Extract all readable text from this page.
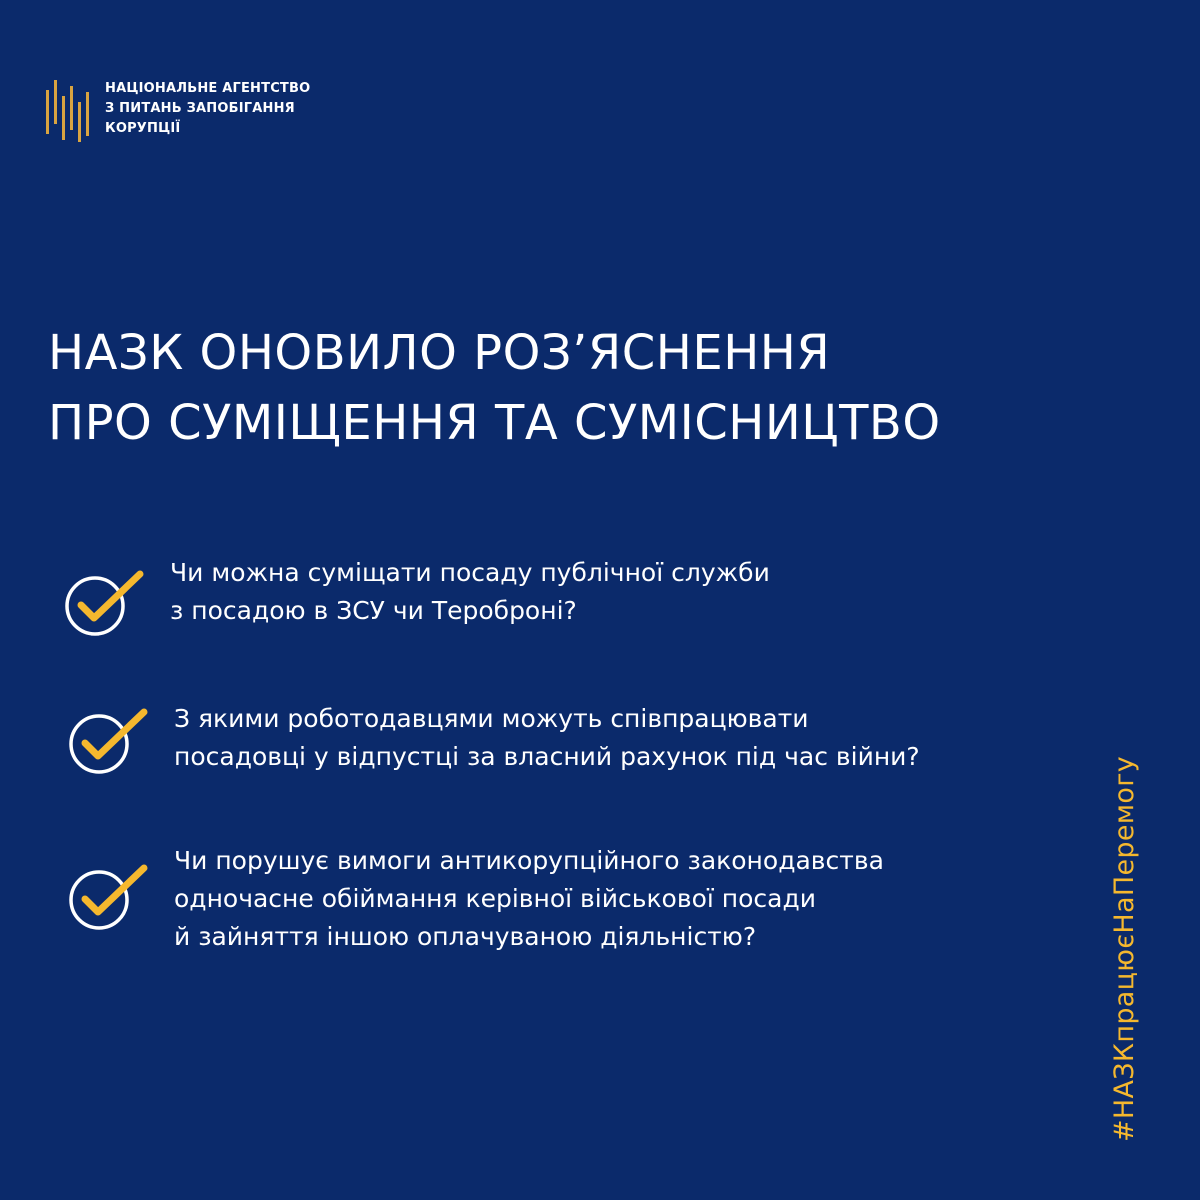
НАЦІОНАЛЬНЕ АГЕНТСТВО
З ПИТАНЬ ЗАПОБІГАННЯ
КОРУПЦІЇ
НАЗК ОНОВИЛО РОЗ’ЯСНЕННЯ
ПРО СУМІЩЕННЯ ТА СУМІСНИЦТВО
Чи можна суміщати посаду публічної служби
з посадою в ЗСУ чи Тероброні?
З якими роботодавцями можуть співпрацювати
посадовці у відпустці за власний рахунок під час війни?
Чи порушує вимоги антикорупційного законодавства
одночасне обіймання керівної військової посади
й зайняття іншою оплачуваною діяльністю?	#НАЗКпрацюєНаПеремогу
